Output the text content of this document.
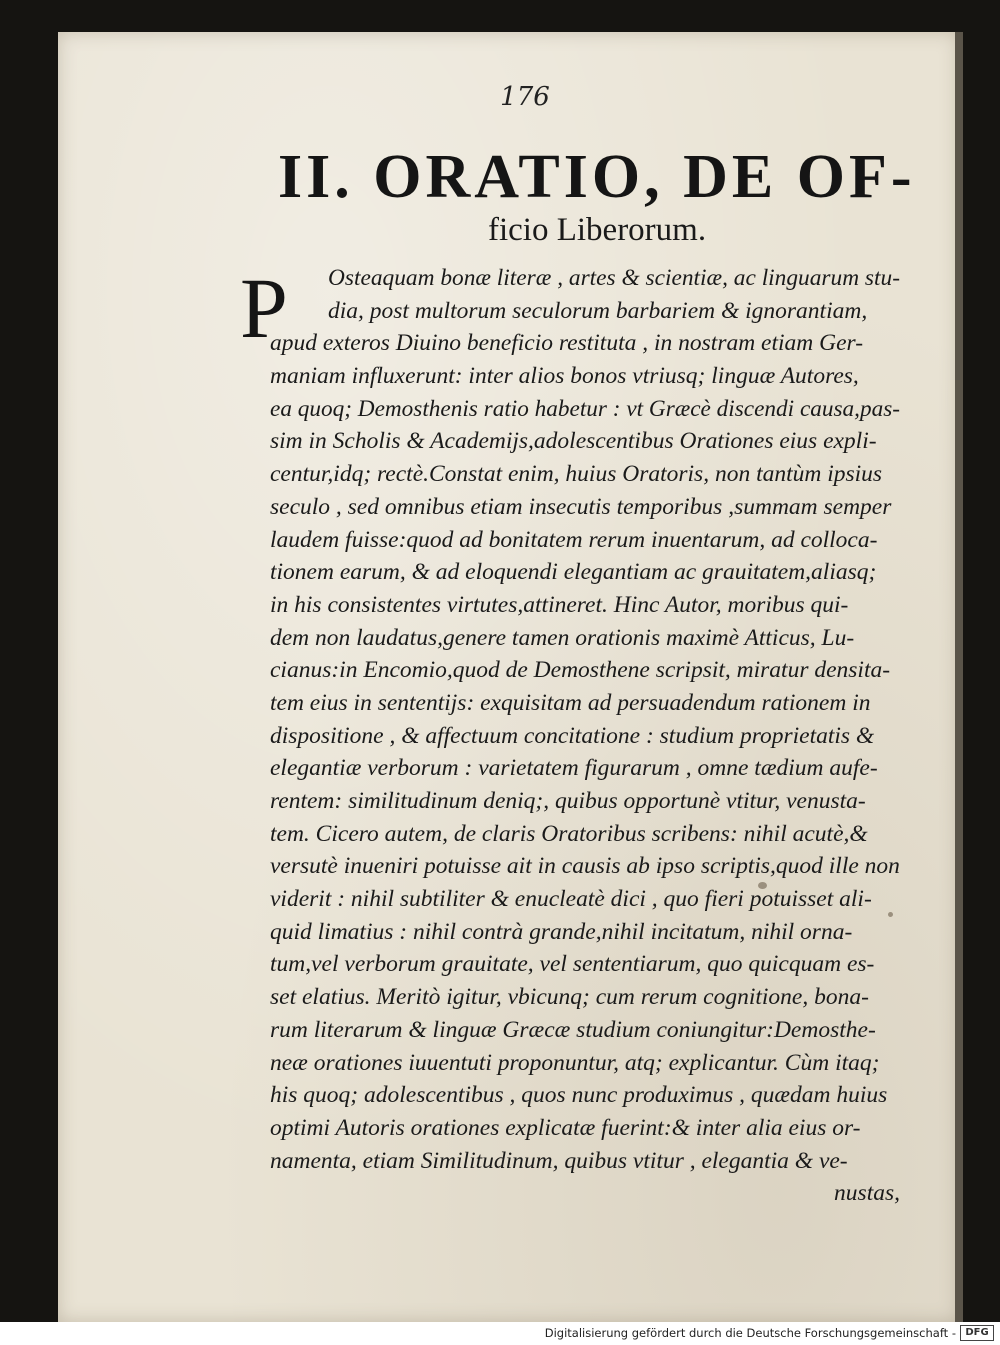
176
II. ORATIO, DE OF-
ficio Liberorum.
P	Osteaquam bonæ literæ , artes & scientiæ, ac linguarum stu-
dia, post multorum seculorum barbariem & ignorantiam,
apud exteros Diuino beneficio restituta , in nostram etiam Ger-
maniam influxerunt: inter alios bonos vtriusq; linguæ Autores,
ea quoq; Demosthenis ratio habetur : vt Græcè discendi causa,pas-
sim in Scholis & Academijs,adolescentibus Orationes eius expli-
centur,idq; rectè.Constat enim, huius Oratoris, non tantùm ipsius
seculo , sed omnibus etiam insecutis temporibus ,summam semper
laudem fuisse:quod ad bonitatem rerum inuentarum, ad colloca-
tionem earum, & ad eloquendi elegantiam ac grauitatem,aliasq;
in his consistentes virtutes,attineret. Hinc Autor, moribus qui-
dem non laudatus,genere tamen orationis maximè Atticus, Lu-
cianus:in Encomio,quod de Demosthene scripsit, miratur densita-
tem eius in sententijs: exquisitam ad persuadendum rationem in
dispositione , & affectuum concitatione : studium proprietatis &
elegantiæ verborum : varietatem figurarum , omne tædium aufe-
rentem: similitudinum deniq;, quibus opportunè vtitur, venusta-
tem. Cicero autem, de claris Oratoribus scribens: nihil acutè,&
versutè inueniri potuisse ait in causis ab ipso scriptis,quod ille non
viderit : nihil subtiliter & enucleatè dici , quo fieri potuisset ali-
quid limatius : nihil contrà grande,nihil incitatum, nihil orna-
tum,vel verborum grauitate, vel sententiarum, quo quicquam es-
set elatius. Meritò igitur, vbicunq; cum rerum cognitione, bona-
rum literarum & linguæ Græcæ studium coniungitur:Demosthe-
neæ orationes iuuentuti proponuntur, atq; explicantur. Cùm itaq;
his quoq; adolescentibus , quos nunc produximus , quædam huius
optimi Autoris orationes explicatæ fuerint:& inter alia eius or-
namenta, etiam Similitudinum, quibus vtitur , elegantia & ve-
nustas,
Digitalisierung gefördert durch die Deutsche Forschungsgemeinschaft - DFG
